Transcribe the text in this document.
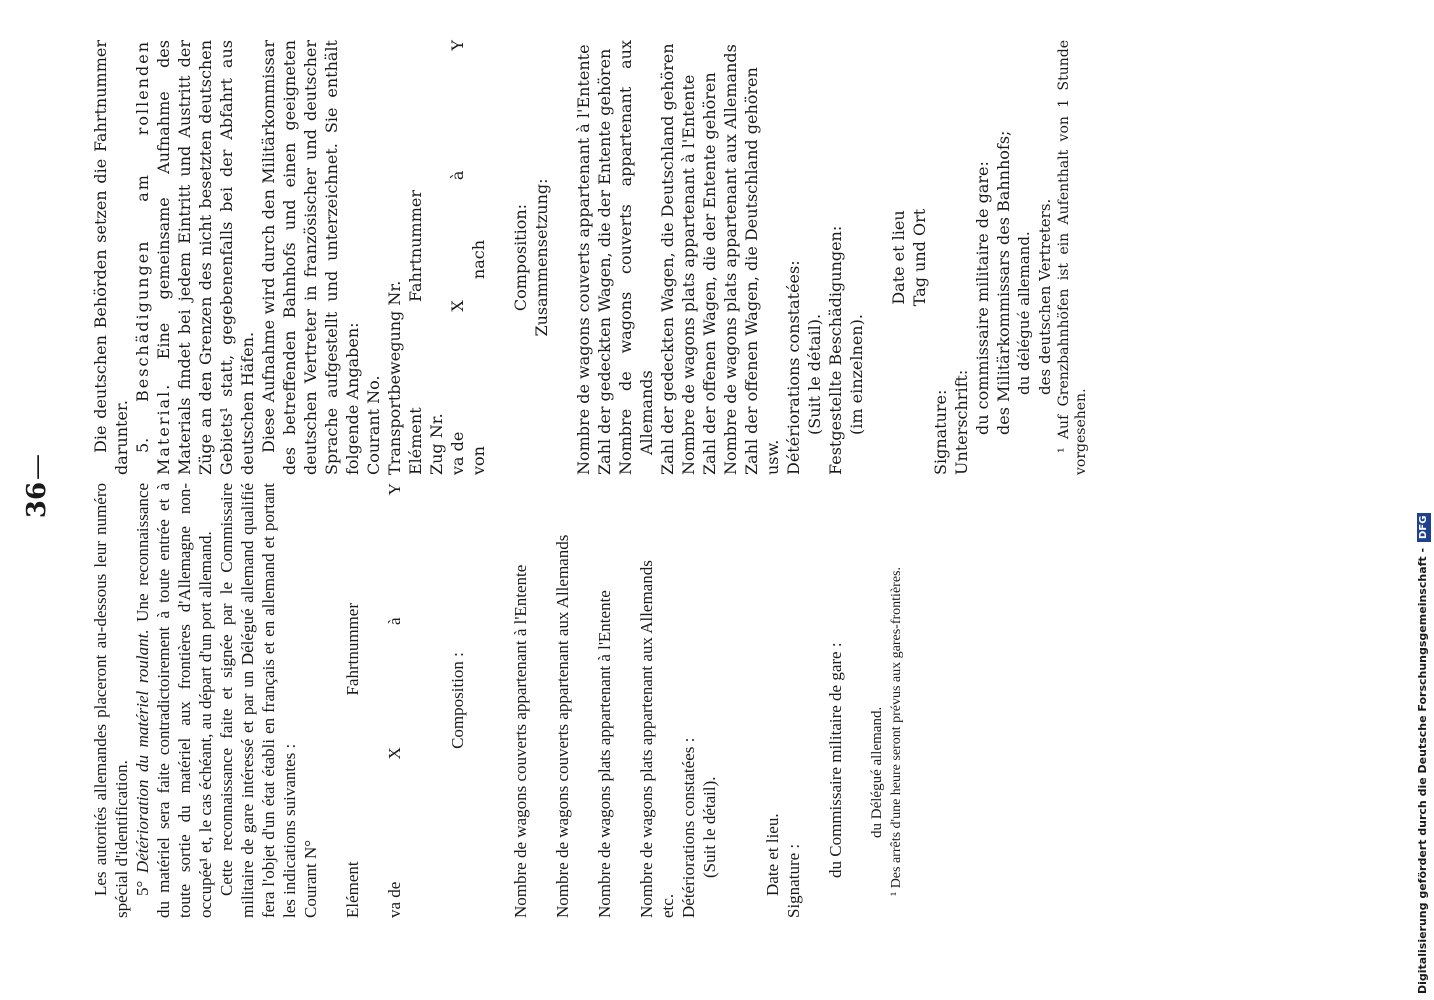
36
—

Les autorités allemandes placeront au-dessous leur numéro spécial d'identification. 5° Détérioration du matériel roulant. Une reconnaissance du matériel sera faite contradictoirement à toute entrée et à toute sortie du matériel aux frontières d'Allemagne non-occupée¹ et, le cas échéant, au départ d'un port allemand. Cette reconnaissance faite et signée par le Commissaire militaire de gare intéressé et par un Délégué allemand qualifié fera l'objet d'un état établi en français et en allemand et portant les indications suivantes : Courant N° Elément
Fahrtnummer

va de
X
à
Y

Composition :	Nombre de wagons couverts appartenant à l'Entente Nombre de wagons couverts appartenant aux Allemands Nombre de wagons plats appartenant à l'Entente Nombre de wagons plats appartenant aux Allemands etc. Détériorations constatées : (Suit le détail).	Date et lieu. Signature :

du Commissaire militaire de gare : du Délégué allemand. ¹ Des arrêts d'une heure seront prévus aux gares-frontières.

Die deutschen Behörden setzen die Fahrtnummer darunter. 5. Beschädigungen am rollenden Material. Eine gemeinsame Aufnahme des Materials findet bei jedem Eintritt und Austritt der Züge an den Grenzen des nicht besetzten deutschen Gebiets¹ statt, gegebenenfalls bei der Abfahrt aus deutschen Häfen. Diese Aufnahme wird durch den Militärkommissar des betreffenden Bahnhofs und einen geeigneten deutschen Vertreter in französischer und deutscher Sprache aufgestellt und unterzeichnet. Sie enthält folgende Angaben: Courant No. Transportbewegung Nr. Elément
Fahrtnummer

Zug Nr. va de
X
à
Y

von
nach Composition: Zusammensetzung: Nombre de wagons couverts appartenant à l'Entente Zahl der gedeckten Wagen, die der Entente gehören Nombre de wagons couverts appartenant aux Allemands Zahl der gedeckten Wagen, die Deutschland gehören Nombre de wagons plats appartenant à l'Entente Zahl der offenen Wagen, die der Entente gehören Nombre de wagons plats appartenant aux Allemands Zahl der offenen Wagen, die Deutschland gehören usw. Détériorations constatées: (Suit le détail). Festgestellte Beschädigungen: (im einzelnen).

Date et lieu Tag und Ort

Signature: Unterschrift: du commissaire militaire de gare: des Militärkommissars des Bahnhofs; du délégué allemand. des deutschen Vertreters. ¹ Auf Grenzbahnhöfen ist ein Aufenthalt von 1 Stunde vorgesehen.

Digitalisierung gefördert durch die Deutsche Forschungsgemeinschaft -DFG
